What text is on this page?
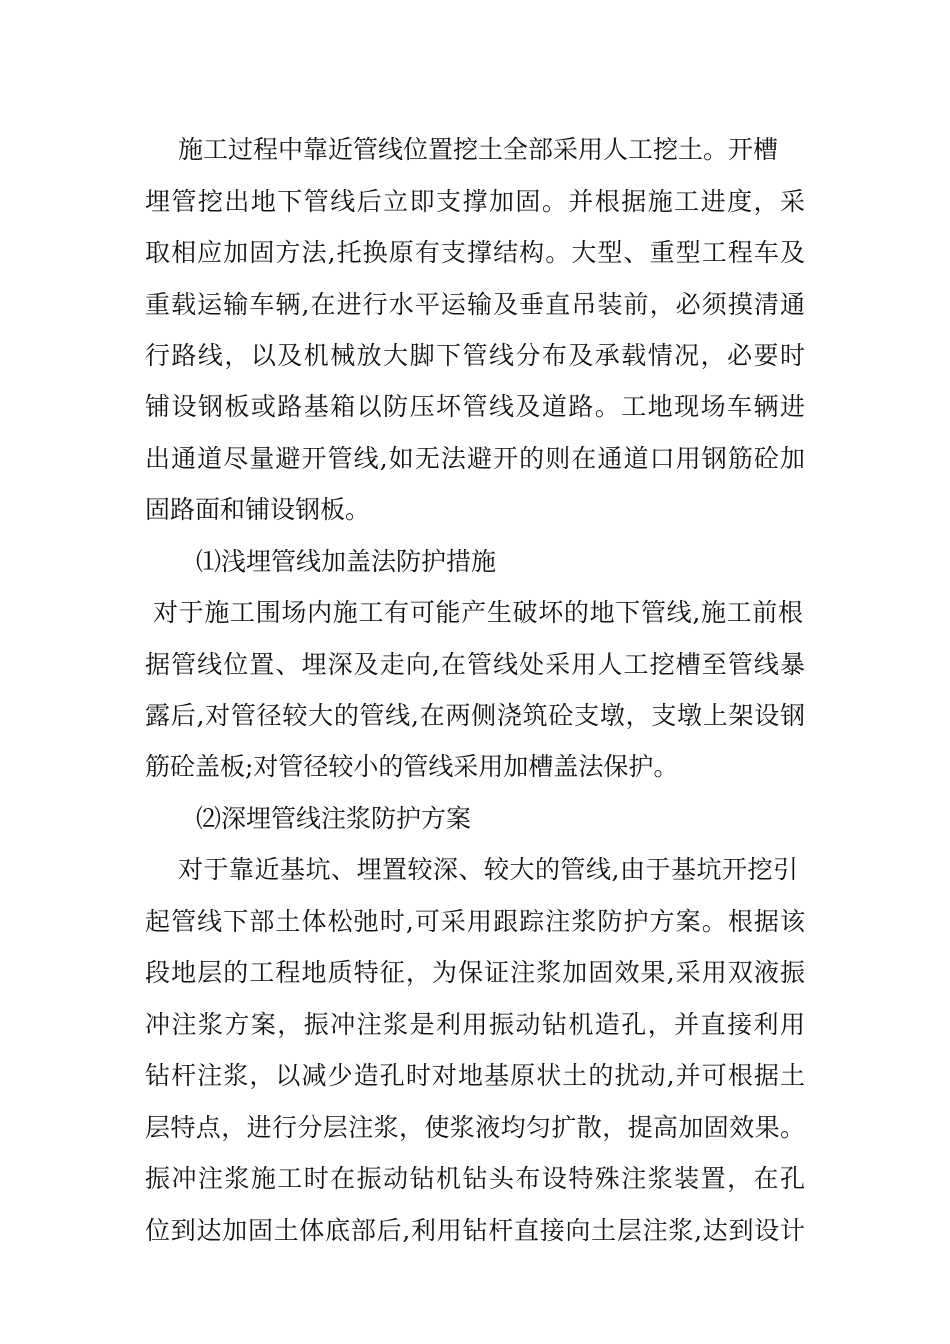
施工过程中靠近管线位置挖土全部采用人工挖土。开槽
埋管挖出地下管线后立即支撑加固。并根据施工进度，采
取相应加固方法,托换原有支撑结构。大型、重型工程车及
重载运输车辆,在进行水平运输及垂直吊装前，必须摸清通
行路线，以及机械放大脚下管线分布及承载情况，必要时
铺设钢板或路基箱以防压坏管线及道路。工地现场车辆进
出通道尽量避开管线,如无法避开的则在通道口用钢筋砼加
固路面和铺设钢板。
⑴浅埋管线加盖法防护措施
对于施工围场内施工有可能产生破坏的地下管线,施工前根
据管线位置、埋深及走向,在管线处采用人工挖槽至管线暴
露后,对管径较大的管线,在两侧浇筑砼支墩，支墩上架设钢
筋砼盖板;对管径较小的管线采用加槽盖法保护。
⑵深埋管线注浆防护方案
对于靠近基坑、埋置较深、较大的管线,由于基坑开挖引
起管线下部土体松弛时,可采用跟踪注浆防护方案。根据该
段地层的工程地质特征，为保证注浆加固效果,采用双液振
冲注浆方案，振冲注浆是利用振动钻机造孔，并直接利用
钻杆注浆，以减少造孔时对地基原状土的扰动,并可根据土
层特点，进行分层注浆，使浆液均匀扩散，提高加固效果。
振冲注浆施工时在振动钻机钻头布设特殊注浆装置，在孔
位到达加固土体底部后,利用钻杆直接向土层注浆,达到设计
